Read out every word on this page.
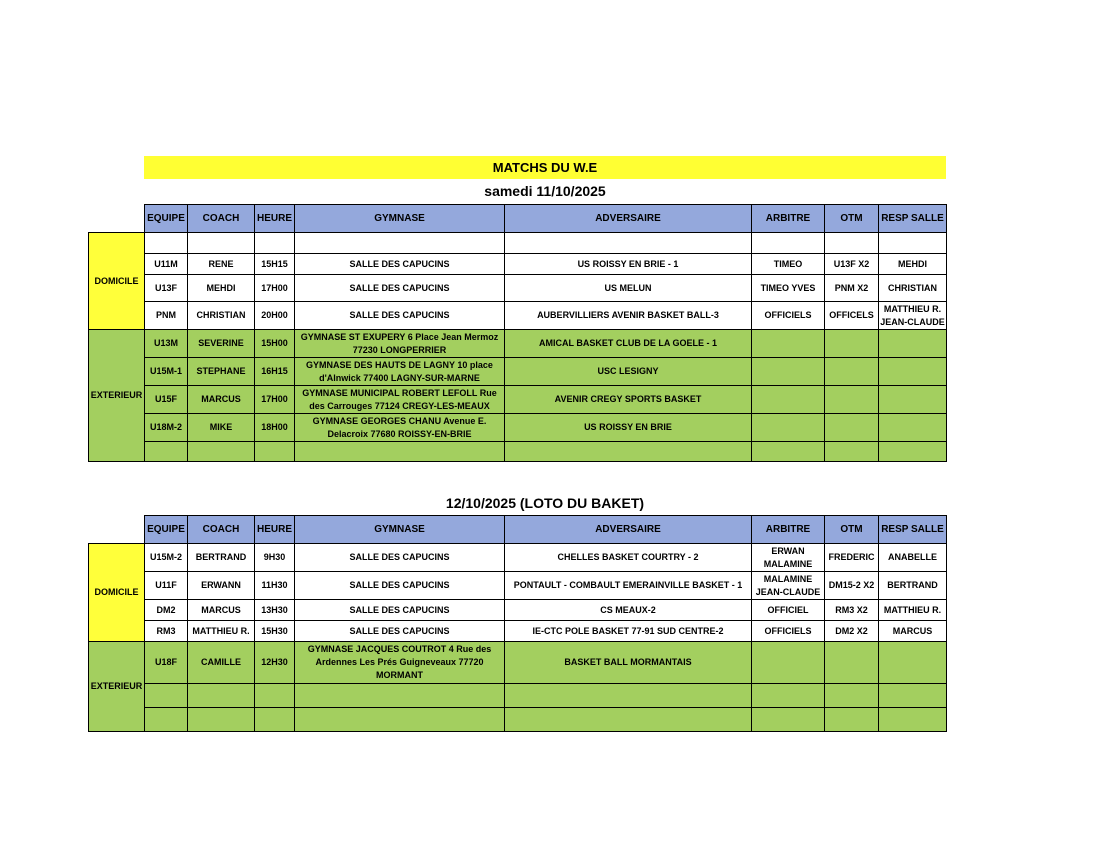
MATCHS DU W.E
samedi 11/10/2025
	EQUIPE	COACH	HEURE	GYMNASE	ADVERSAIRE	ARBITRE	OTM	RESP SALLE
DOMICILE								
	U11M	RENE	15H15	SALLE DES CAPUCINS	US ROISSY EN BRIE - 1	TIMEO	U13F X2	MEHDI
	U13F	MEHDI	17H00	SALLE DES CAPUCINS	US MELUN	TIMEO YVES	PNM X2	CHRISTIAN
	PNM	CHRISTIAN	20H00	SALLE DES CAPUCINS	AUBERVILLIERS AVENIR BASKET BALL-3	OFFICIELS	OFFICELS	MATTHIEU R. JEAN-CLAUDE
EXTERIEUR	U13M	SEVERINE	15H00	GYMNASE ST EXUPERY 6 Place Jean Mermoz 77230 LONGPERRIER	AMICAL BASKET CLUB DE LA GOELE - 1			
	U15M-1	STEPHANE	16H15	GYMNASE DES HAUTS DE LAGNY 10 place d'Alnwick 77400 LAGNY-SUR-MARNE	USC LESIGNY			
	U15F	MARCUS	17H00	GYMNASE MUNICIPAL ROBERT LEFOLL Rue des Carrouges 77124 CREGY-LES-MEAUX	AVENIR CREGY SPORTS BASKET			
	U18M-2	MIKE	18H00	GYMNASE GEORGES CHANU Avenue E. Delacroix 77680 ROISSY-EN-BRIE	US ROISSY EN BRIE			

12/10/2025 (LOTO DU BAKET)
	EQUIPE	COACH	HEURE	GYMNASE	ADVERSAIRE	ARBITRE	OTM	RESP SALLE
DOMICILE	U15M-2	BERTRAND	9H30	SALLE DES CAPUCINS	CHELLES BASKET COURTRY - 2	ERWAN MALAMINE	FREDERIC	ANABELLE
	U11F	ERWANN	11H30	SALLE DES CAPUCINS	PONTAULT - COMBAULT EMERAINVILLE BASKET - 1	MALAMINE JEAN-CLAUDE	DM15-2 X2	BERTRAND
	DM2	MARCUS	13H30	SALLE DES CAPUCINS	CS MEAUX-2	OFFICIEL	RM3 X2	MATTHIEU R.
	RM3	MATTHIEU R.	15H30	SALLE DES CAPUCINS	IE-CTC POLE BASKET 77-91 SUD CENTRE-2	OFFICIELS	DM2 X2	MARCUS
EXTERIEUR	U18F	CAMILLE	12H30	GYMNASE JACQUES COUTROT 4 Rue des Ardennes Les Prés Guigneveaux 77720 MORMANT	BASKET BALL MORMANTAIS			
